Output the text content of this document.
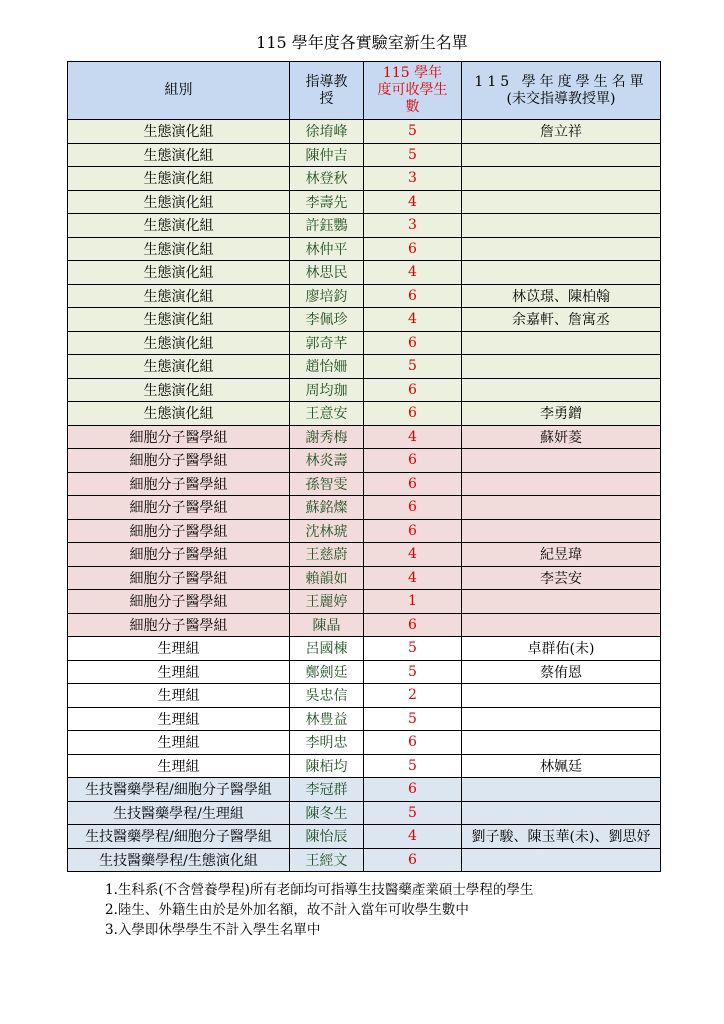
115 學年度各實驗室新生名單
組別	指導教授	115 學年度可收學生數	115 學年度學生名單
(未交指導教授單)

生態演化組	徐堉峰	5	詹立祥
生態演化組	陳仲吉	5	
生態演化組	林登秋	3	
生態演化組	李壽先	4	
生態演化組	許鈺鸚	3	
生態演化組	林仲平	6	
生態演化組	林思民	4	
生態演化組	廖培鈞	6	林苡璟、陳柏翰
生態演化組	李佩珍	4	余嘉軒、詹寓丞
生態演化組	郭奇芊	6	
生態演化組	趙怡姍	5	
生態演化組	周均珈	6	
生態演化組	王意安	6	李勇鏳
細胞分子醫學組	謝秀梅	4	蘇妍菱
細胞分子醫學組	林炎壽	6	
細胞分子醫學組	孫智雯	6	
細胞分子醫學組	蘇銘燦	6	
細胞分子醫學組	沈林琥	6	
細胞分子醫學組	王慈蔚	4	紀昱瑋
細胞分子醫學組	賴韻如	4	李芸安
細胞分子醫學組	王麗婷	1	
細胞分子醫學組	陳晶	6	
生理組	呂國棟	5	卓群佑(未)
生理組	鄭劍廷	5	蔡侑恩
生理組	吳忠信	2	
生理組	林豊益	5	
生理組	李明忠	6	
生理組	陳栢均	5	林姵廷
生技醫藥學程/細胞分子醫學組	李冠群	6	
生技醫藥學程/生理組	陳冬生	5	
生技醫藥學程/細胞分子醫學組	陳怡辰	4	劉子駿、陳玉華(未)、劉思妤
生技醫藥學程/生態演化組	王經文	6	
1.生科系(不含營養學程)所有老師均可指導生技醫藥產業碩士學程的學生
2.陸生、外籍生由於是外加名額，故不計入當年可收學生數中
3.入學即休學學生不計入學生名單中
